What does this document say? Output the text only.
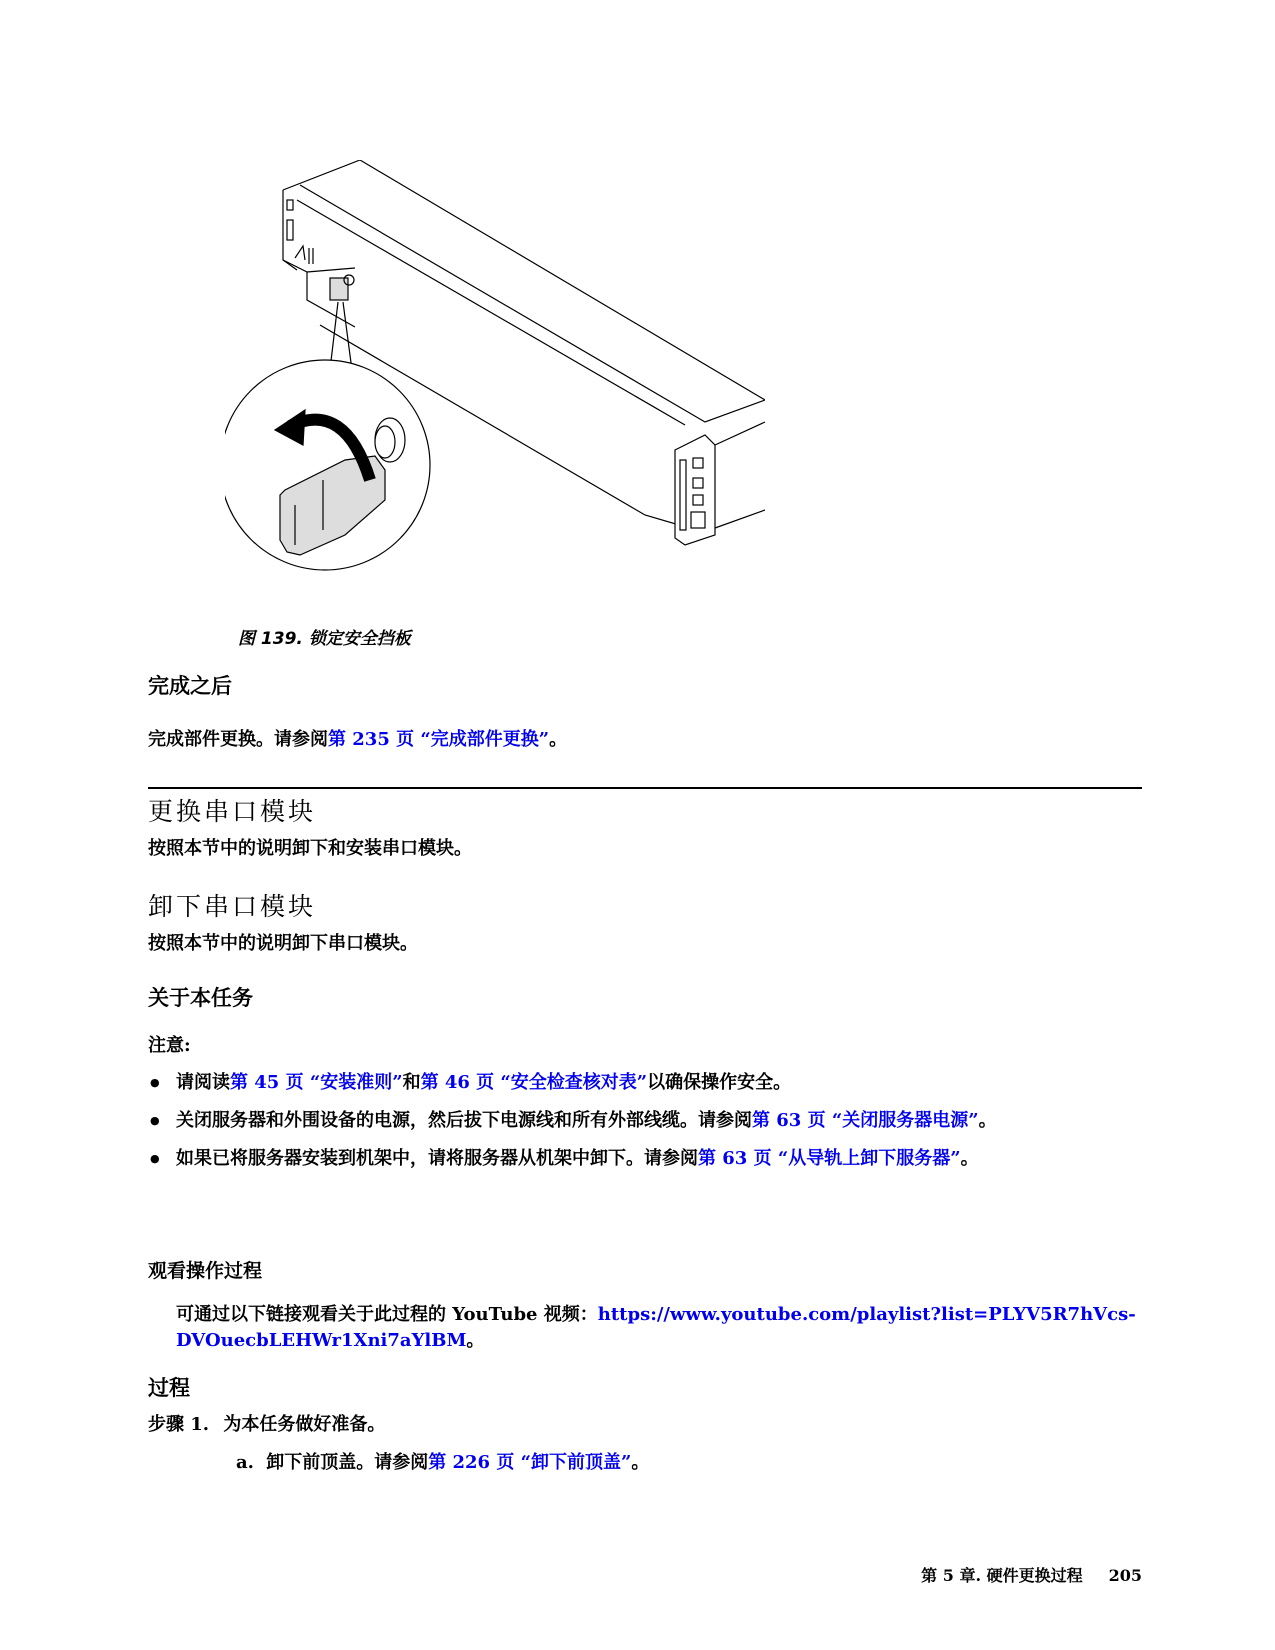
图 139. 锁定安全挡板
完成之后
完成部件更换。请参阅第 235 页 “完成部件更换”。
更换串口模块
按照本节中的说明卸下和安装串口模块。
卸下串口模块
按照本节中的说明卸下串口模块。
关于本任务
注意:
● 请阅读第 45 页 “安装准则”和第 46 页 “安全检查核对表”以确保操作安全。
● 关闭服务器和外围设备的电源，然后拔下电源线和所有外部线缆。请参阅第 63 页 “关闭服务器电源”。
● 如果已将服务器安装到机架中，请将服务器从机架中卸下。请参阅第 63 页 “从导轨上卸下服务器”。
观看操作过程
可通过以下链接观看关于此过程的 YouTube 视频：https://www.youtube.com/playlist?list=PLYV5R7hVcs-DVOuecbLEHWr1Xni7aYlBM。
过程
步骤 1. 为本任务做好准备。
a. 卸下前顶盖。请参阅第 226 页 “卸下前顶盖”。
第 5 章. 硬件更换过程 205
